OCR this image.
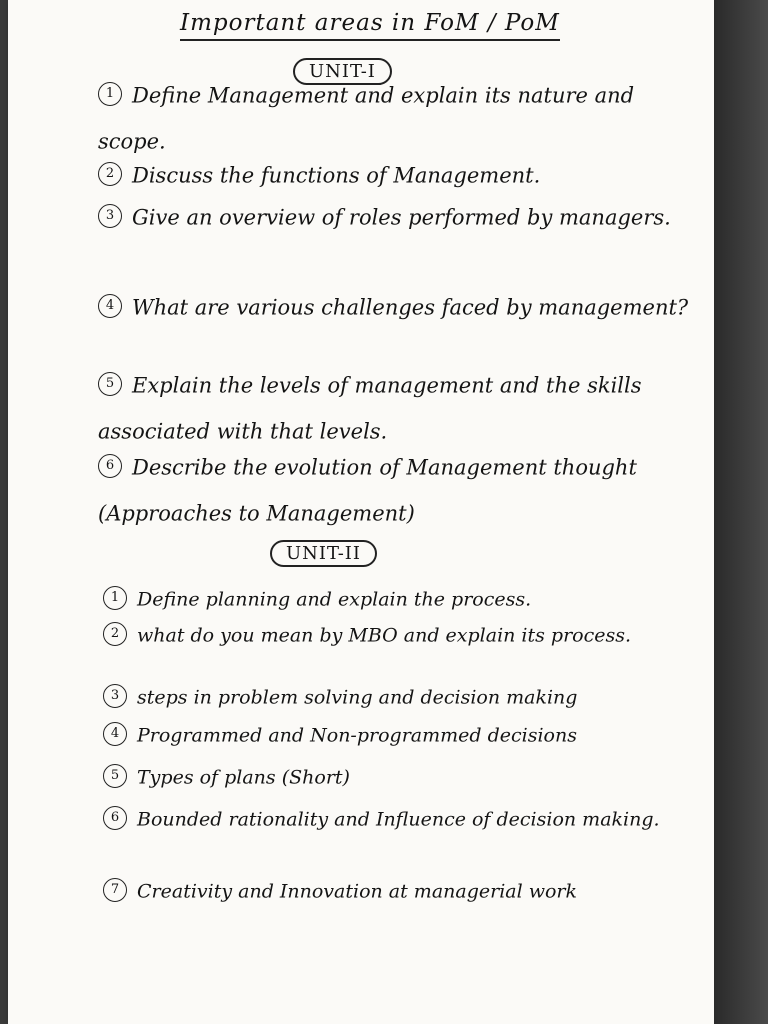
Important areas in FoM / PoM
UNIT-I
1 Define Management and explain its nature and scope.
2 Discuss the functions of Management.
3 Give an overview of roles performed by managers.
4 What are various challenges faced by management?
5 Explain the levels of management and the skills associated with that levels.
6 Describe the evolution of Management thought (Approaches to Management)
UNIT-II
1 Define planning and explain the process.
2 what do you mean by MBO and explain its process.
3 steps in problem solving and decision making
4 Programmed and Non-programmed decisions
5 Types of plans (Short)
6 Bounded rationality and Influence of decision making.
7 Creativity and Innovation at managerial work
